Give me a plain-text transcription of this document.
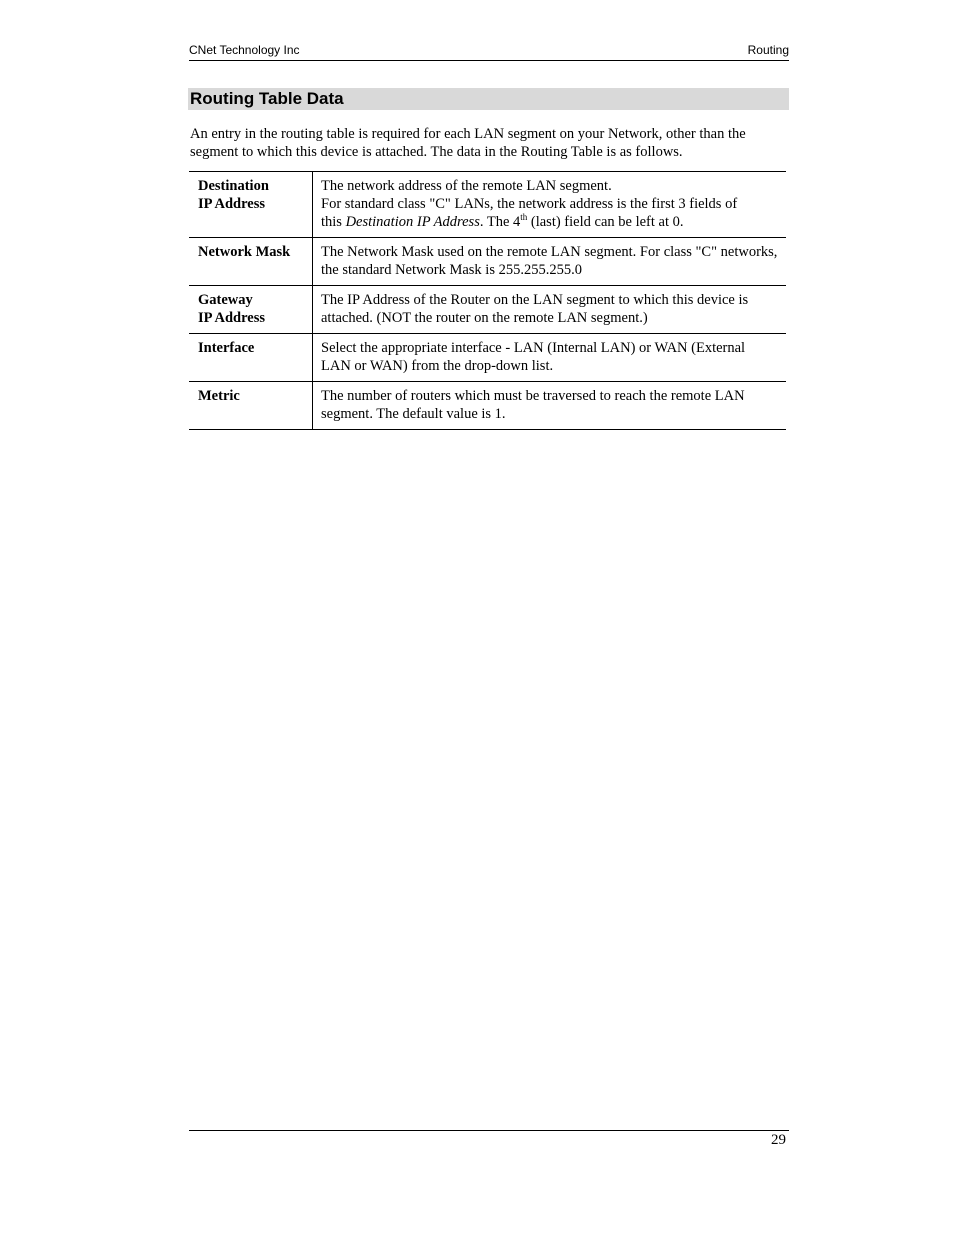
CNet Technology Inc	Routing
Routing Table Data
An entry in the routing table is required for each LAN segment on your Network, other than the segment to which this device is attached. The data in the Routing Table is as follows.
Destination
IP Address	The network address of the remote LAN segment.
For standard class "C" LANs, the network address is the first 3 fields of
this Destination IP Address. The 4th (last) field can be left at 0.

Network Mask	The Network Mask used on the remote LAN segment. For class "C" networks, the standard Network Mask is 255.255.255.0

Gateway
IP Address	The IP Address of the Router on the LAN segment to which this device is attached. (NOT the router on the remote LAN segment.)
Interface	Select the appropriate interface - LAN (Internal LAN) or WAN (External LAN or WAN) from the drop-down list.
Metric	The number of routers which must be traversed to reach the remote LAN segment. The default value is 1.
29
